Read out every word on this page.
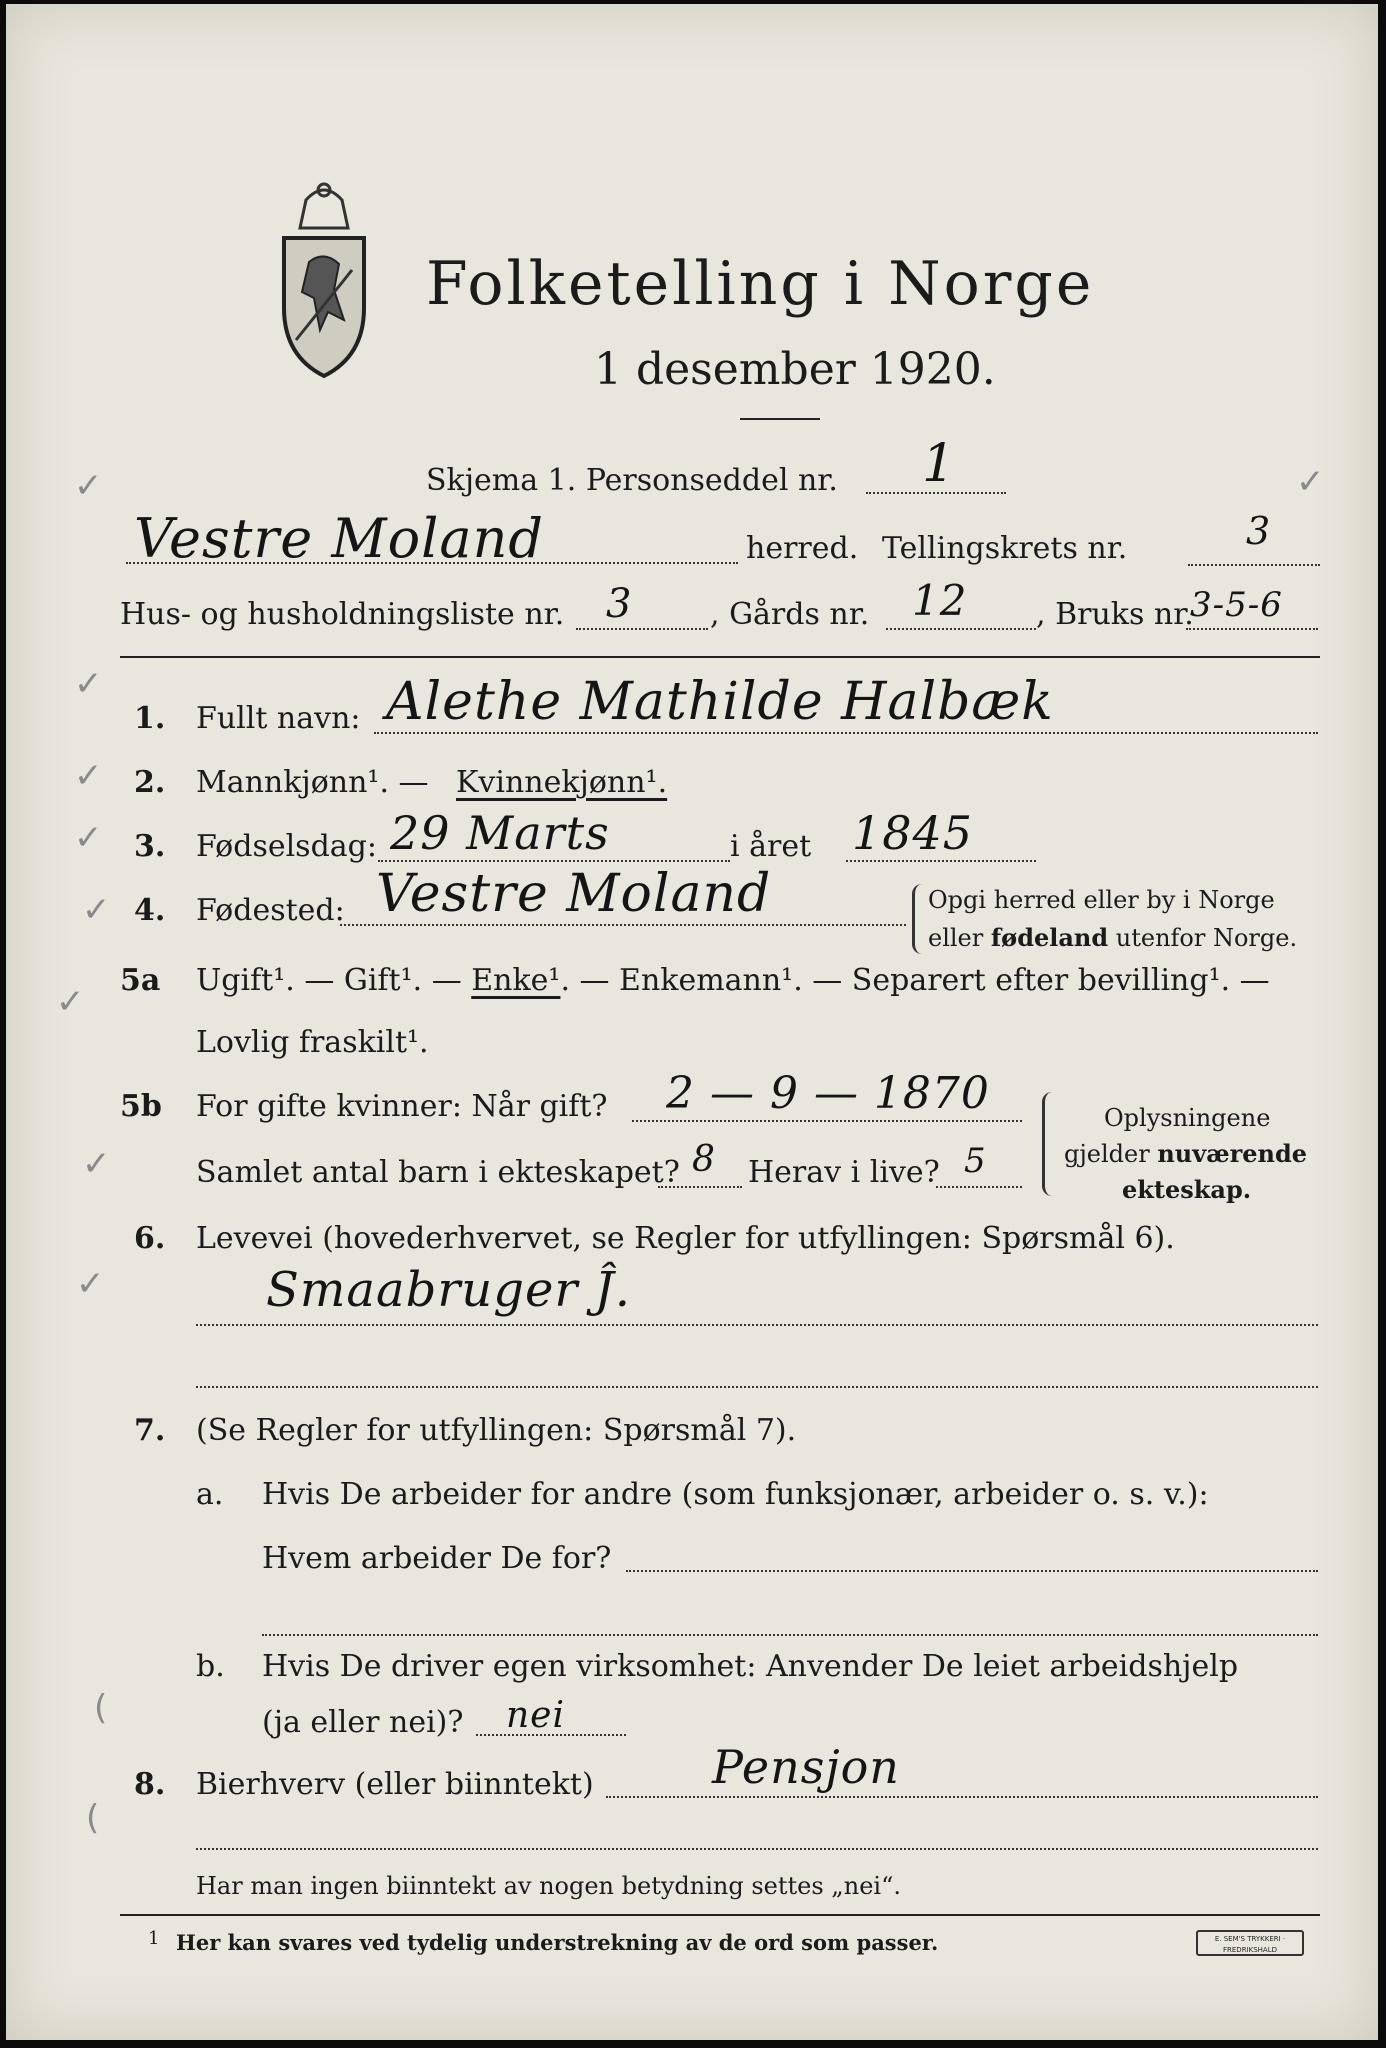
Folketelling i Norge
1 desember 1920.
✓	✓
✓
✓
✓
✓
✓
✓
✓
(
(
Skjema 1. Personseddel nr. 1
Vestre Moland	herred. Tellingskrets nr.	3
Hus- og husholdningsliste nr. 3	, Gårds nr. 12 , Bruks nr.
3-5-6
1. Fullt navn: Alethe Mathilde Halbæk
2. Mannkjønn¹. — Kvinnekjønn¹.
3. Fødselsdag: 29 Marts	i året 1845
4. Fødested: Vestre Moland	Opgi herred eller by i Norge
eller fødeland utenfor Norge.
5a Ugift¹. — Gift¹. — Enke¹. — Enkemann¹. — Separert efter bevilling¹. —
Lovlig fraskilt¹.
5b For gifte kvinner: Når gift? 2 — 9 — 1870
Samlet antal barn i ekteskapet? 8 Herav i live? 5
Oplysningene
gjelder nuværende
ekteskap.
6. Levevei (hovederhvervet, se Regler for utfyllingen: Spørsmål 6).
Smaabruger Ĵ.
7. (Se Regler for utfyllingen: Spørsmål 7).
a. Hvis De arbeider for andre (som funksjonær, arbeider o. s. v.):
Hvem arbeider De for?
b. Hvis De driver egen virksomhet: Anvender De leiet arbeidshjelp
(ja eller nei)? nei
8. Bierhverv (eller biinntekt)	Pensjon
Har man ingen biinntekt av nogen betydning settes „nei“.
1 Her kan svares ved tydelig understrekning av de ord som passer.	E. SEM'S TRYKKERI · FREDRIKSHALD
